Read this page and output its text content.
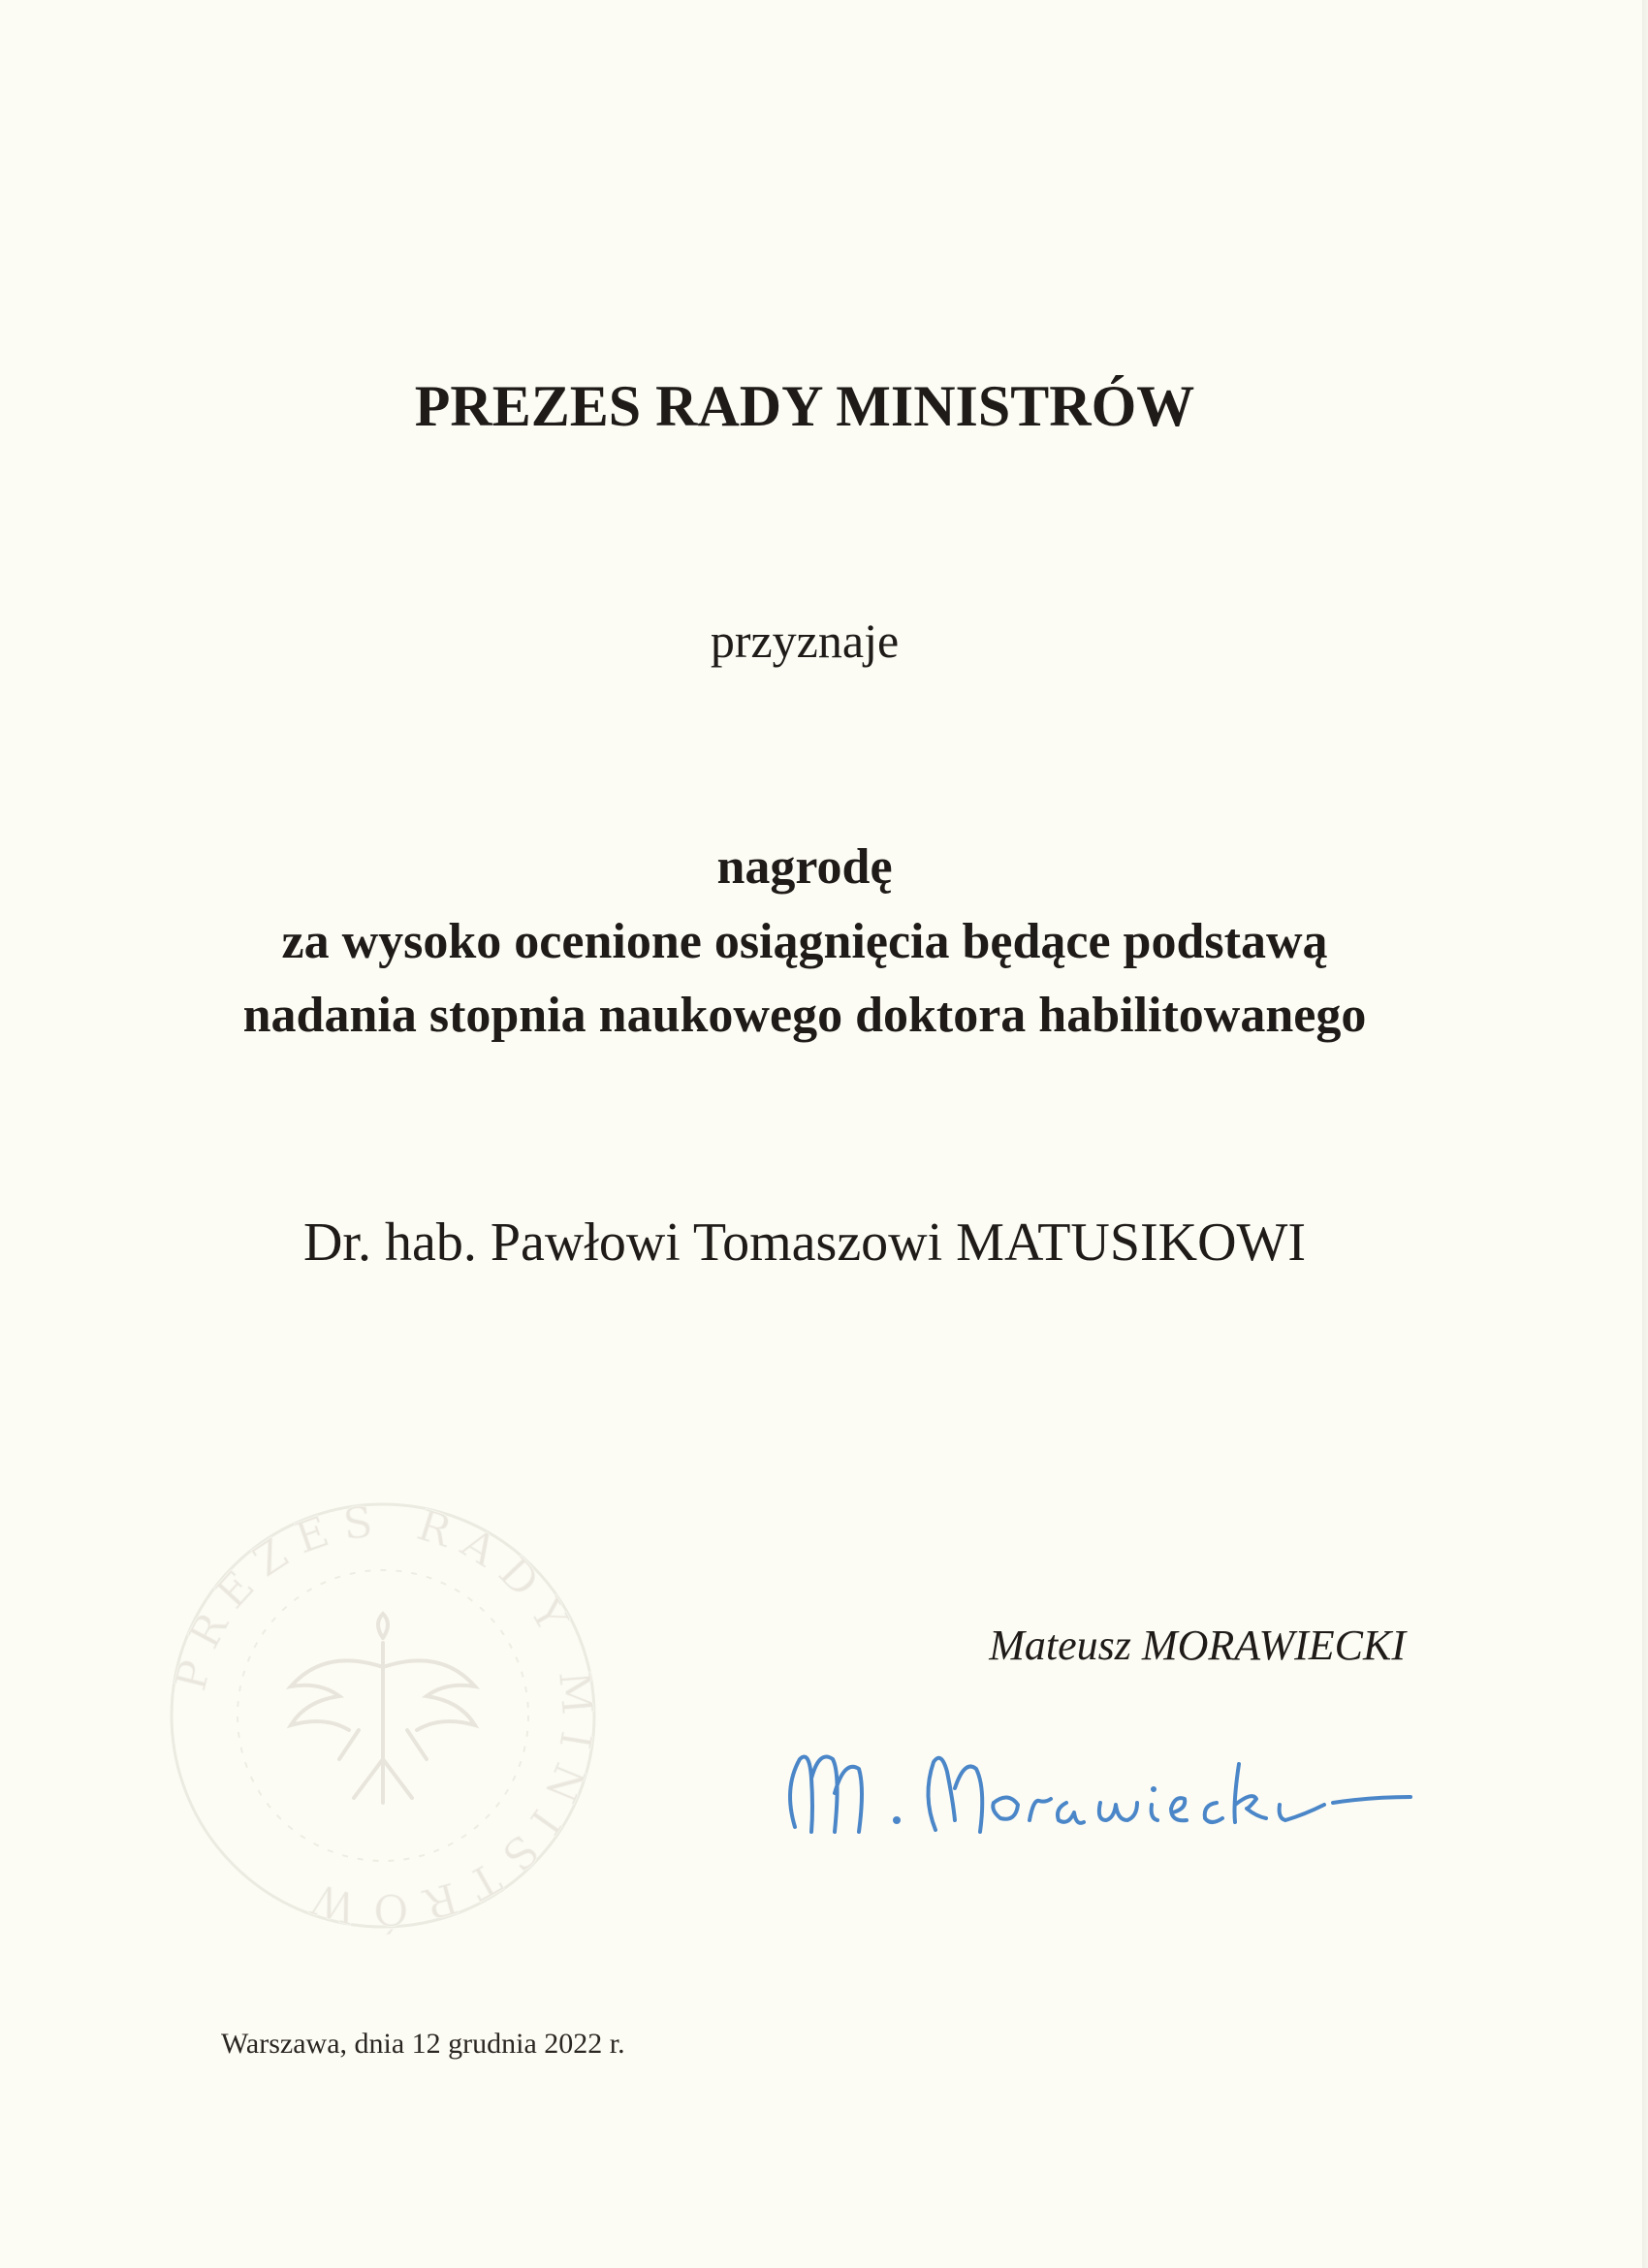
PREZES RADY MINISTRÓW
przyznaje
nagrodę
za wysoko ocenione osiągnięcia będące podstawą
nadania stopnia naukowego doktora habilitowanego
Dr. hab. Pawłowi Tomaszowi MATUSIKOWI
PREZES RADY MINISTRÓW
Mateusz MORAWIECKI
Warszawa, dnia 12 grudnia 2022 r.
